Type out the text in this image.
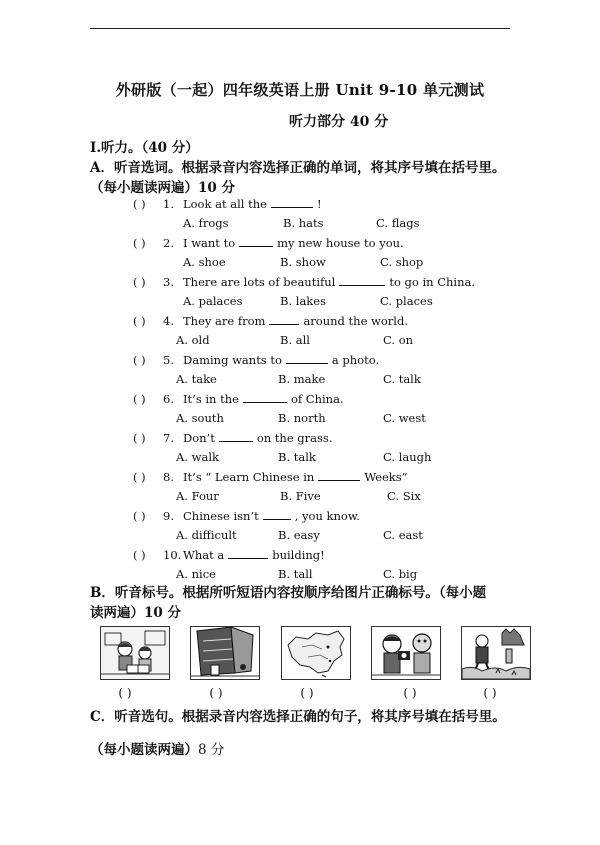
外研版（一起）四年级英语上册 Unit 9-10 单元测试
听力部分 40 分
I.听力。（40 分）
A．听音选词。根据录音内容选择正确的单词，将其序号填在括号里。
（每小题读两遍）10 分
( ) 1. Look at all the	!
A. frogs	B. hats	C. flags
( ) 2. I want to	my new house to you.
A. shoe	B. show	C. shop
( ) 3. There are lots of beautiful	to go in China.
A. palaces	B. lakes	C. places
( ) 4. They are from	around the world.
A. old	B. all	C. on
( ) 5. Daming wants to	a photo.
A. take	B. make	C. talk
( ) 6. It’s in the	of China.
A. south	B. north	C. west
( ) 7. Don’t	on the grass.
A. walk	B. talk	C. laugh
( ) 8. It’s “ Learn Chinese in	Weeks”
A. Four	B. Five	C. Six
( ) 9. Chinese isn’t	, you know.
A. difficult	B. easy	C. east
( ) 10. What a	building!
A. nice	B. tall	C. big
B．听音标号。根据所听短语内容按顺序给图片正确标号。（每小题
读两遍）10 分
( )	( )	( )	( )	( )
C．听音选句。根据录音内容选择正确的句子，将其序号填在括号里。
（每小题读两遍）8 分
